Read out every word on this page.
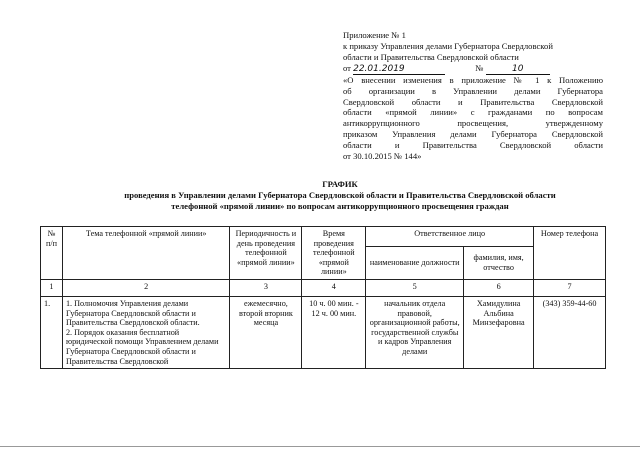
Приложение № 1
к приказу Управления делами Губернатора Свердловской
области и Правительства Свердловской области
от 22.01.2019	№	10
«О внесении изменения в приложение № 1 к Положению
об организации в Управлении делами Губернатора
Свердловской области и Правительства Свердловской
области «прямой линии» с гражданами по вопросам
антикоррупционного просвещения, утвержденному
приказом Управления делами Губернатора Свердловской
области и Правительства Свердловской области
от 30.10.2015 № 144»
ГРАФИК
проведения в Управлении делами Губернатора Свердловской области и Правительства Свердловской области
телефонной «прямой линии» по вопросам антикоррупционного просвещения граждан
№ п/п	Тема телефонной «прямой линии»	Периодичность и день проведения телефонной «прямой линии»	Время проведения телефонной «прямой линии»	Ответственное лицо		Номер телефона
				наименование должности	фамилия, имя, отчество	
1	2	3	4	5	6	7
1.	1. Полномочия Управления делами Губернатора Свердловской области и Правительства Свердловской области.
2. Порядок оказания бесплатной юридической помощи Управлением делами Губернатора Свердловской области и Правительства Свердловской	ежемесячно, второй вторник месяца	10 ч. 00 мин. - 12 ч. 00 мин.	начальник отдела правовой, организационной работы, государственной службы и кадров Управления делами	Хамидулина Альбина Минзефаровна	(343) 359-44-60
